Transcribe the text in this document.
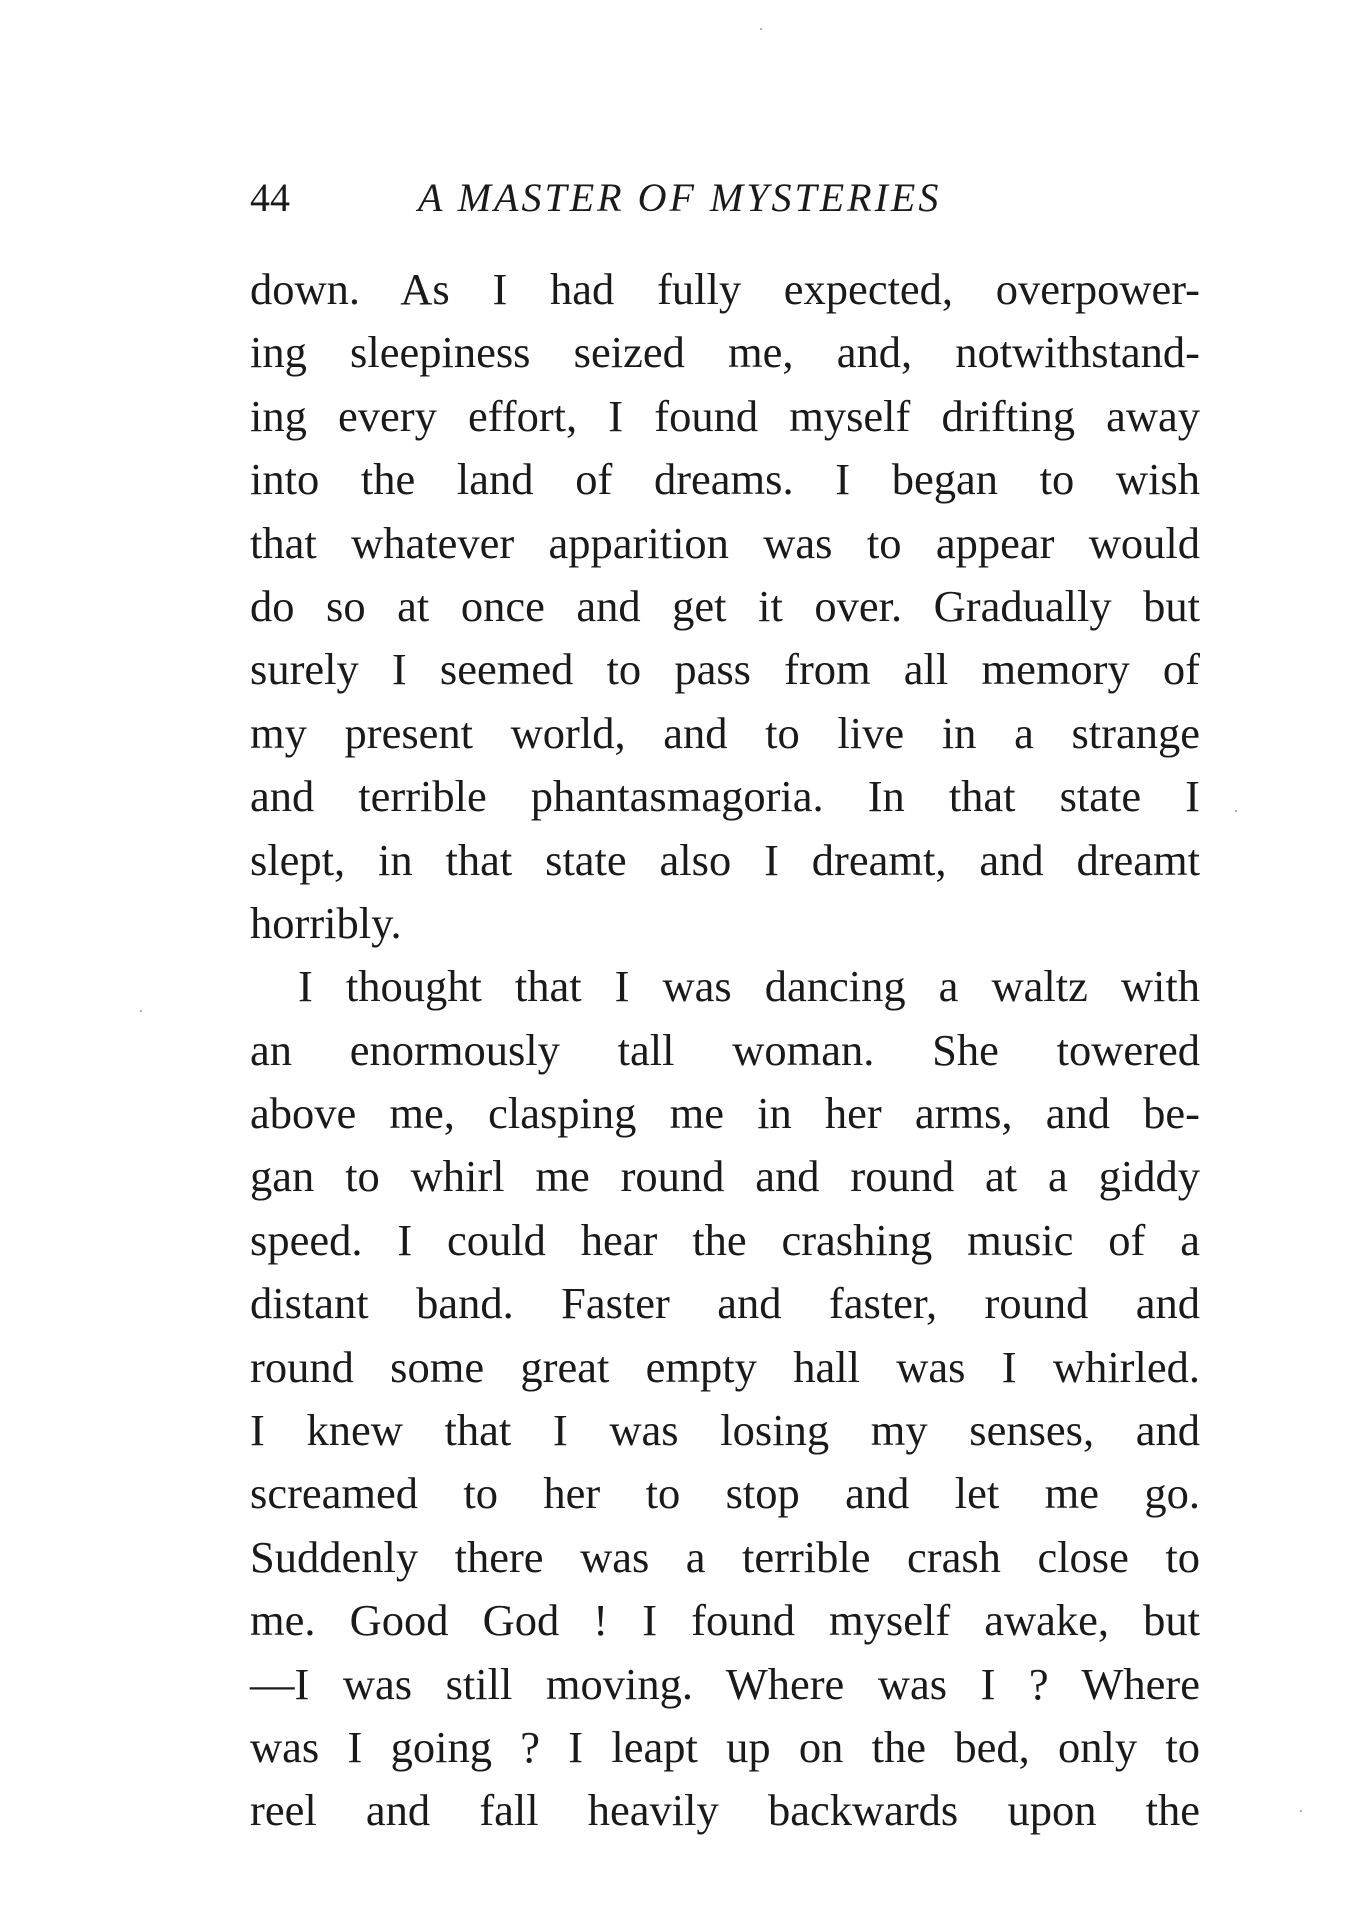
44	A MASTER OF MYSTERIES
down. As I had fully expected, overpower-
ing sleepiness seized me, and, notwithstand-
ing every effort, I found myself drifting away
into the land of dreams. I began to wish
that whatever apparition was to appear would
do so at once and get it over. Gradually but
surely I seemed to pass from all memory of
my present world, and to live in a strange
and terrible phantasmagoria. In that state I
slept, in that state also I dreamt, and dreamt
horribly.
I thought that I was dancing a waltz with
an enormously tall woman. She towered
above me, clasping me in her arms, and be-
gan to whirl me round and round at a giddy
speed. I could hear the crashing music of a
distant band. Faster and faster, round and
round some great empty hall was I whirled.
I knew that I was losing my senses, and
screamed to her to stop and let me go.
Suddenly there was a terrible crash close to
me. Good God ! I found myself awake, but
—I was still moving. Where was I ? Where
was I going ? I leapt up on the bed, only to
reel and fall heavily backwards upon the
